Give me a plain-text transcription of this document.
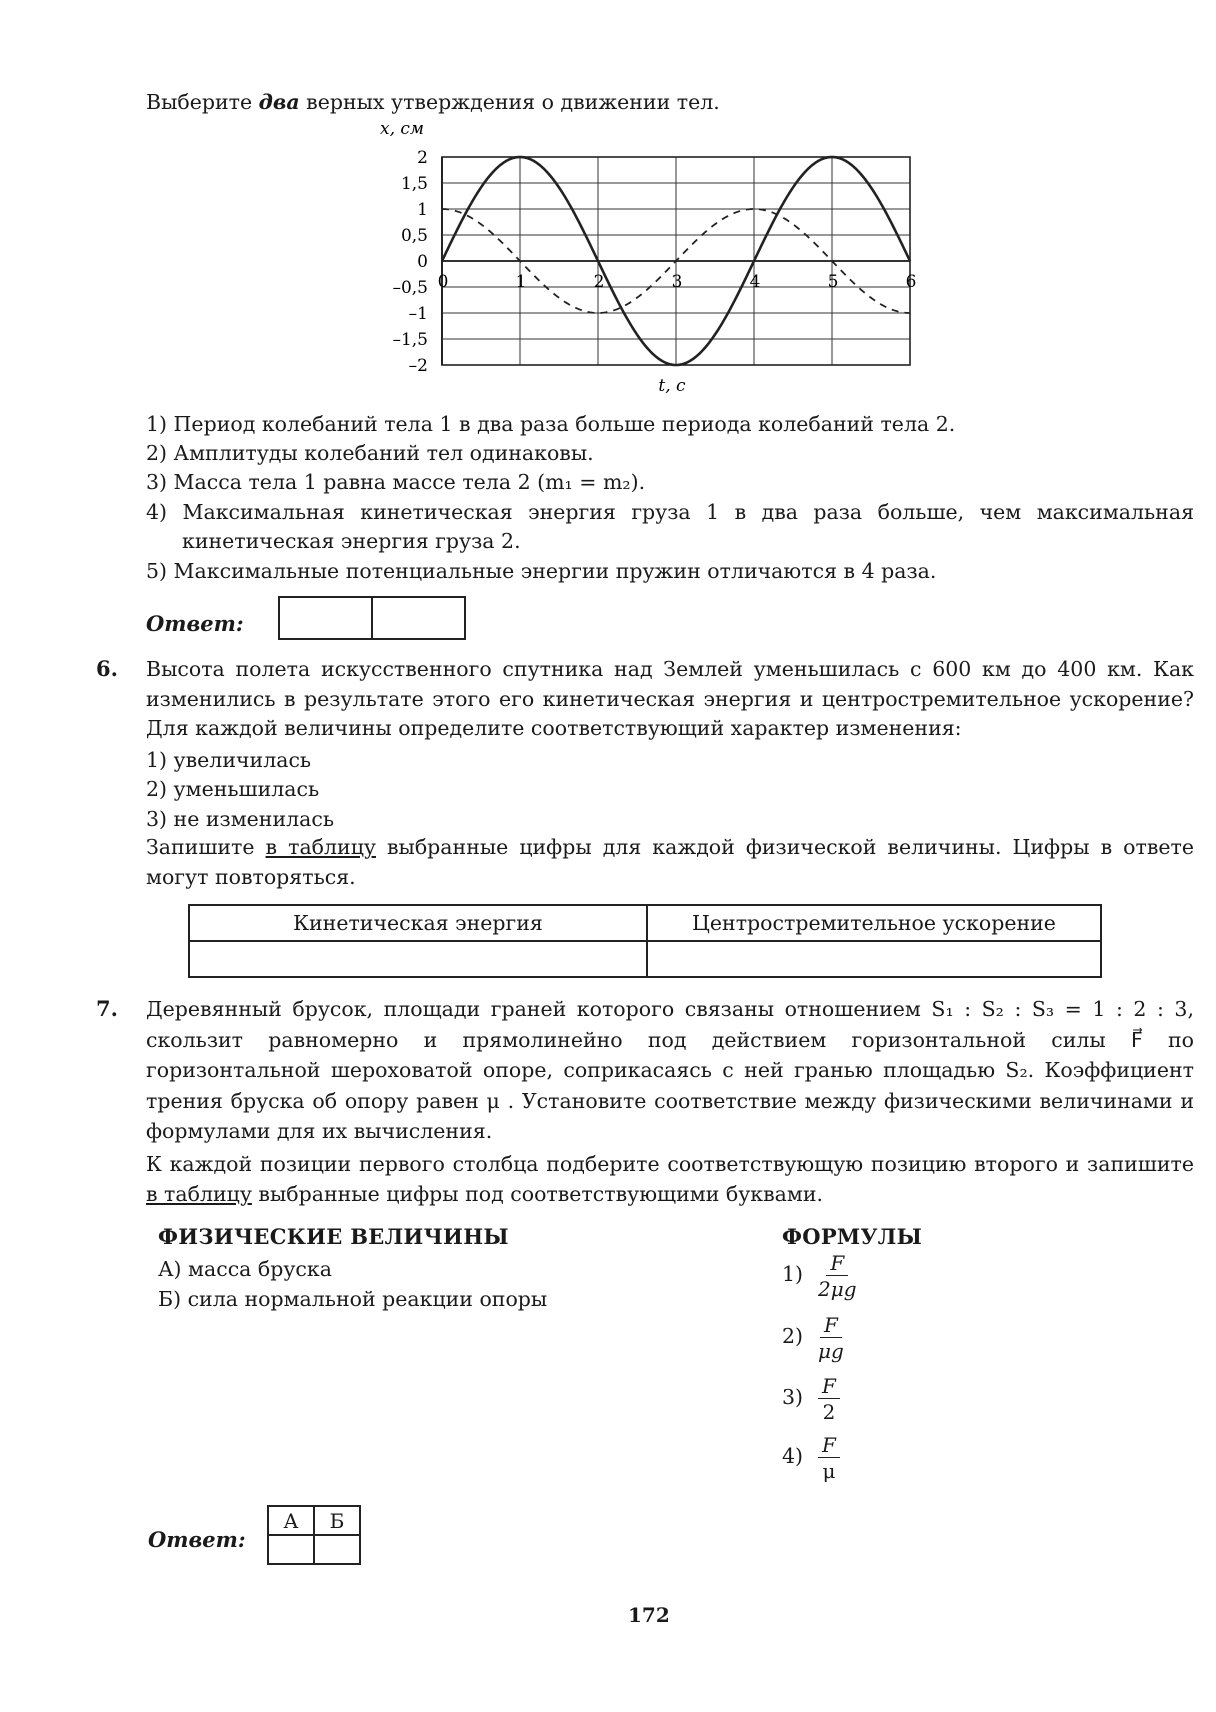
Выберите два верных утверждения о движении тел.
2
1,5
1
0,5
0
–0,5
–1
–1,5
–2
0	1	2	3	4	5	6
x, см
t, c
1) Период колебаний тела 1 в два раза больше периода колебаний тела 2.
2) Амплитуды колебаний тел одинаковы.
3) Масса тела 1 равна массе тела 2 (m₁ = m₂).
4) Максимальная кинетическая энергия груза 1 в два раза больше, чем максимальная
кинетическая энергия груза 2.
5) Максимальные потенциальные энергии пружин отличаются в 4 раза.
Ответ:
6. Высота полета искусственного спутника над Землей уменьшилась с 600 км до 400 км. Как изменились в результате этого его кинетическая энергия и центростремительное ускорение? Для каждой величины определите соответствующий характер изменения:
1) увеличилась
2) уменьшилась
3) не изменилась
Запишите в таблицу выбранные цифры для каждой физической величины. Цифры в ответе могут повторяться.
Кинетическая энергия	Центростремительное ускорение

7. Деревянный брусок, площади граней которого связаны отношением S₁ : S₂ : S₃ = 1 : 2 : 3, скользит равномерно и прямолинейно под действием горизонтальной силы F⃗ по горизонтальной шероховатой опоре, соприкасаясь с ней гранью площадью S₂. Коэффициент трения бруска об опору равен μ . Установите соответствие между физическими величинами и формулами для их вычисления.
К каждой позиции первого столбца подберите соответствующую позицию второго и запишите в таблицу выбранные цифры под соответствующими буквами.
ФИЗИЧЕСКИЕ ВЕЛИЧИНЫ	ФОРМУЛЫ
А) масса бруска
Б) сила нормальной реакции опоры
$1) \frac{F}{2\mu g}$
$2) \frac{F}{\mu g}$
$3) \frac{F}{2}$
$4) \frac{F}{\mu}$
Ответ:
А	Б

172
